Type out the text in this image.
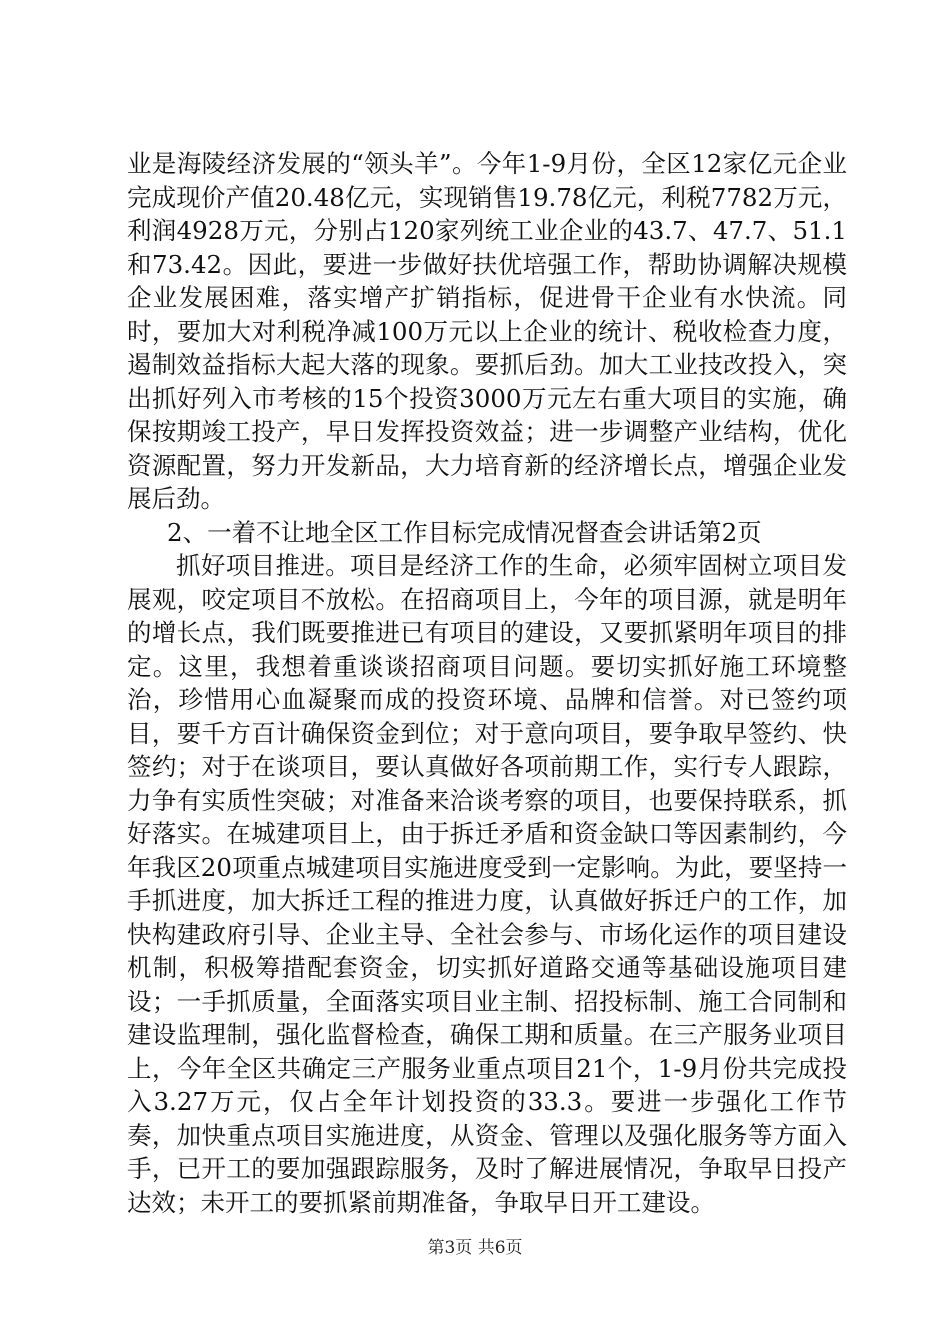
业是海陵经济发展的“领头羊”。今年1-9月份，全区12家亿元企业完成现价产值20.48亿元，实现销售19.78亿元，利税7782万元，利润4928万元，分别占120家列统工业企业的43.7、47.7、51.1和73.42。因此，要进一步做好扶优培强工作，帮助协调解决规模企业发展困难，落实增产扩销指标，促进骨干企业有水快流。同时，要加大对利税净减100万元以上企业的统计、税收检查力度，遏制效益指标大起大落的现象。要抓后劲。加大工业技改投入，突出抓好列入市考核的15个投资3000万元左右重大项目的实施，确保按期竣工投产，早日发挥投资效益；进一步调整产业结构，优化资源配置，努力开发新品，大力培育新的经济增长点，增强企业发展后劲。

2、一着不让地全区工作目标完成情况督查会讲话第2页

抓好项目推进。项目是经济工作的生命，必须牢固树立项目发展观，咬定项目不放松。在招商项目上，今年的项目源，就是明年的增长点，我们既要推进已有项目的建设，又要抓紧明年项目的排定。这里，我想着重谈谈招商项目问题。要切实抓好施工环境整治，珍惜用心血凝聚而成的投资环境、品牌和信誉。对已签约项目，要千方百计确保资金到位；对于意向项目，要争取早签约、快签约；对于在谈项目，要认真做好各项前期工作，实行专人跟踪，力争有实质性突破；对准备来洽谈考察的项目，也要保持联系，抓好落实。在城建项目上，由于拆迁矛盾和资金缺口等因素制约，今年我区20项重点城建项目实施进度受到一定影响。为此，要坚持一手抓进度，加大拆迁工程的推进力度，认真做好拆迁户的工作，加快构建政府引导、企业主导、全社会参与、市场化运作的项目建设机制，积极筹措配套资金，切实抓好道路交通等基础设施项目建设；一手抓质量，全面落实项目业主制、招投标制、施工合同制和建设监理制，强化监督检查，确保工期和质量。在三产服务业项目上，今年全区共确定三产服务业重点项目21个，1-9月份共完成投入3.27万元，仅占全年计划投资的33.3。要进一步强化工作节奏，加快重点项目实施进度，从资金、管理以及强化服务等方面入手，已开工的要加强跟踪服务，及时了解进展情况，争取早日投产达效；未开工的要抓紧前期准备，争取早日开工建设。

第3页 共6页
